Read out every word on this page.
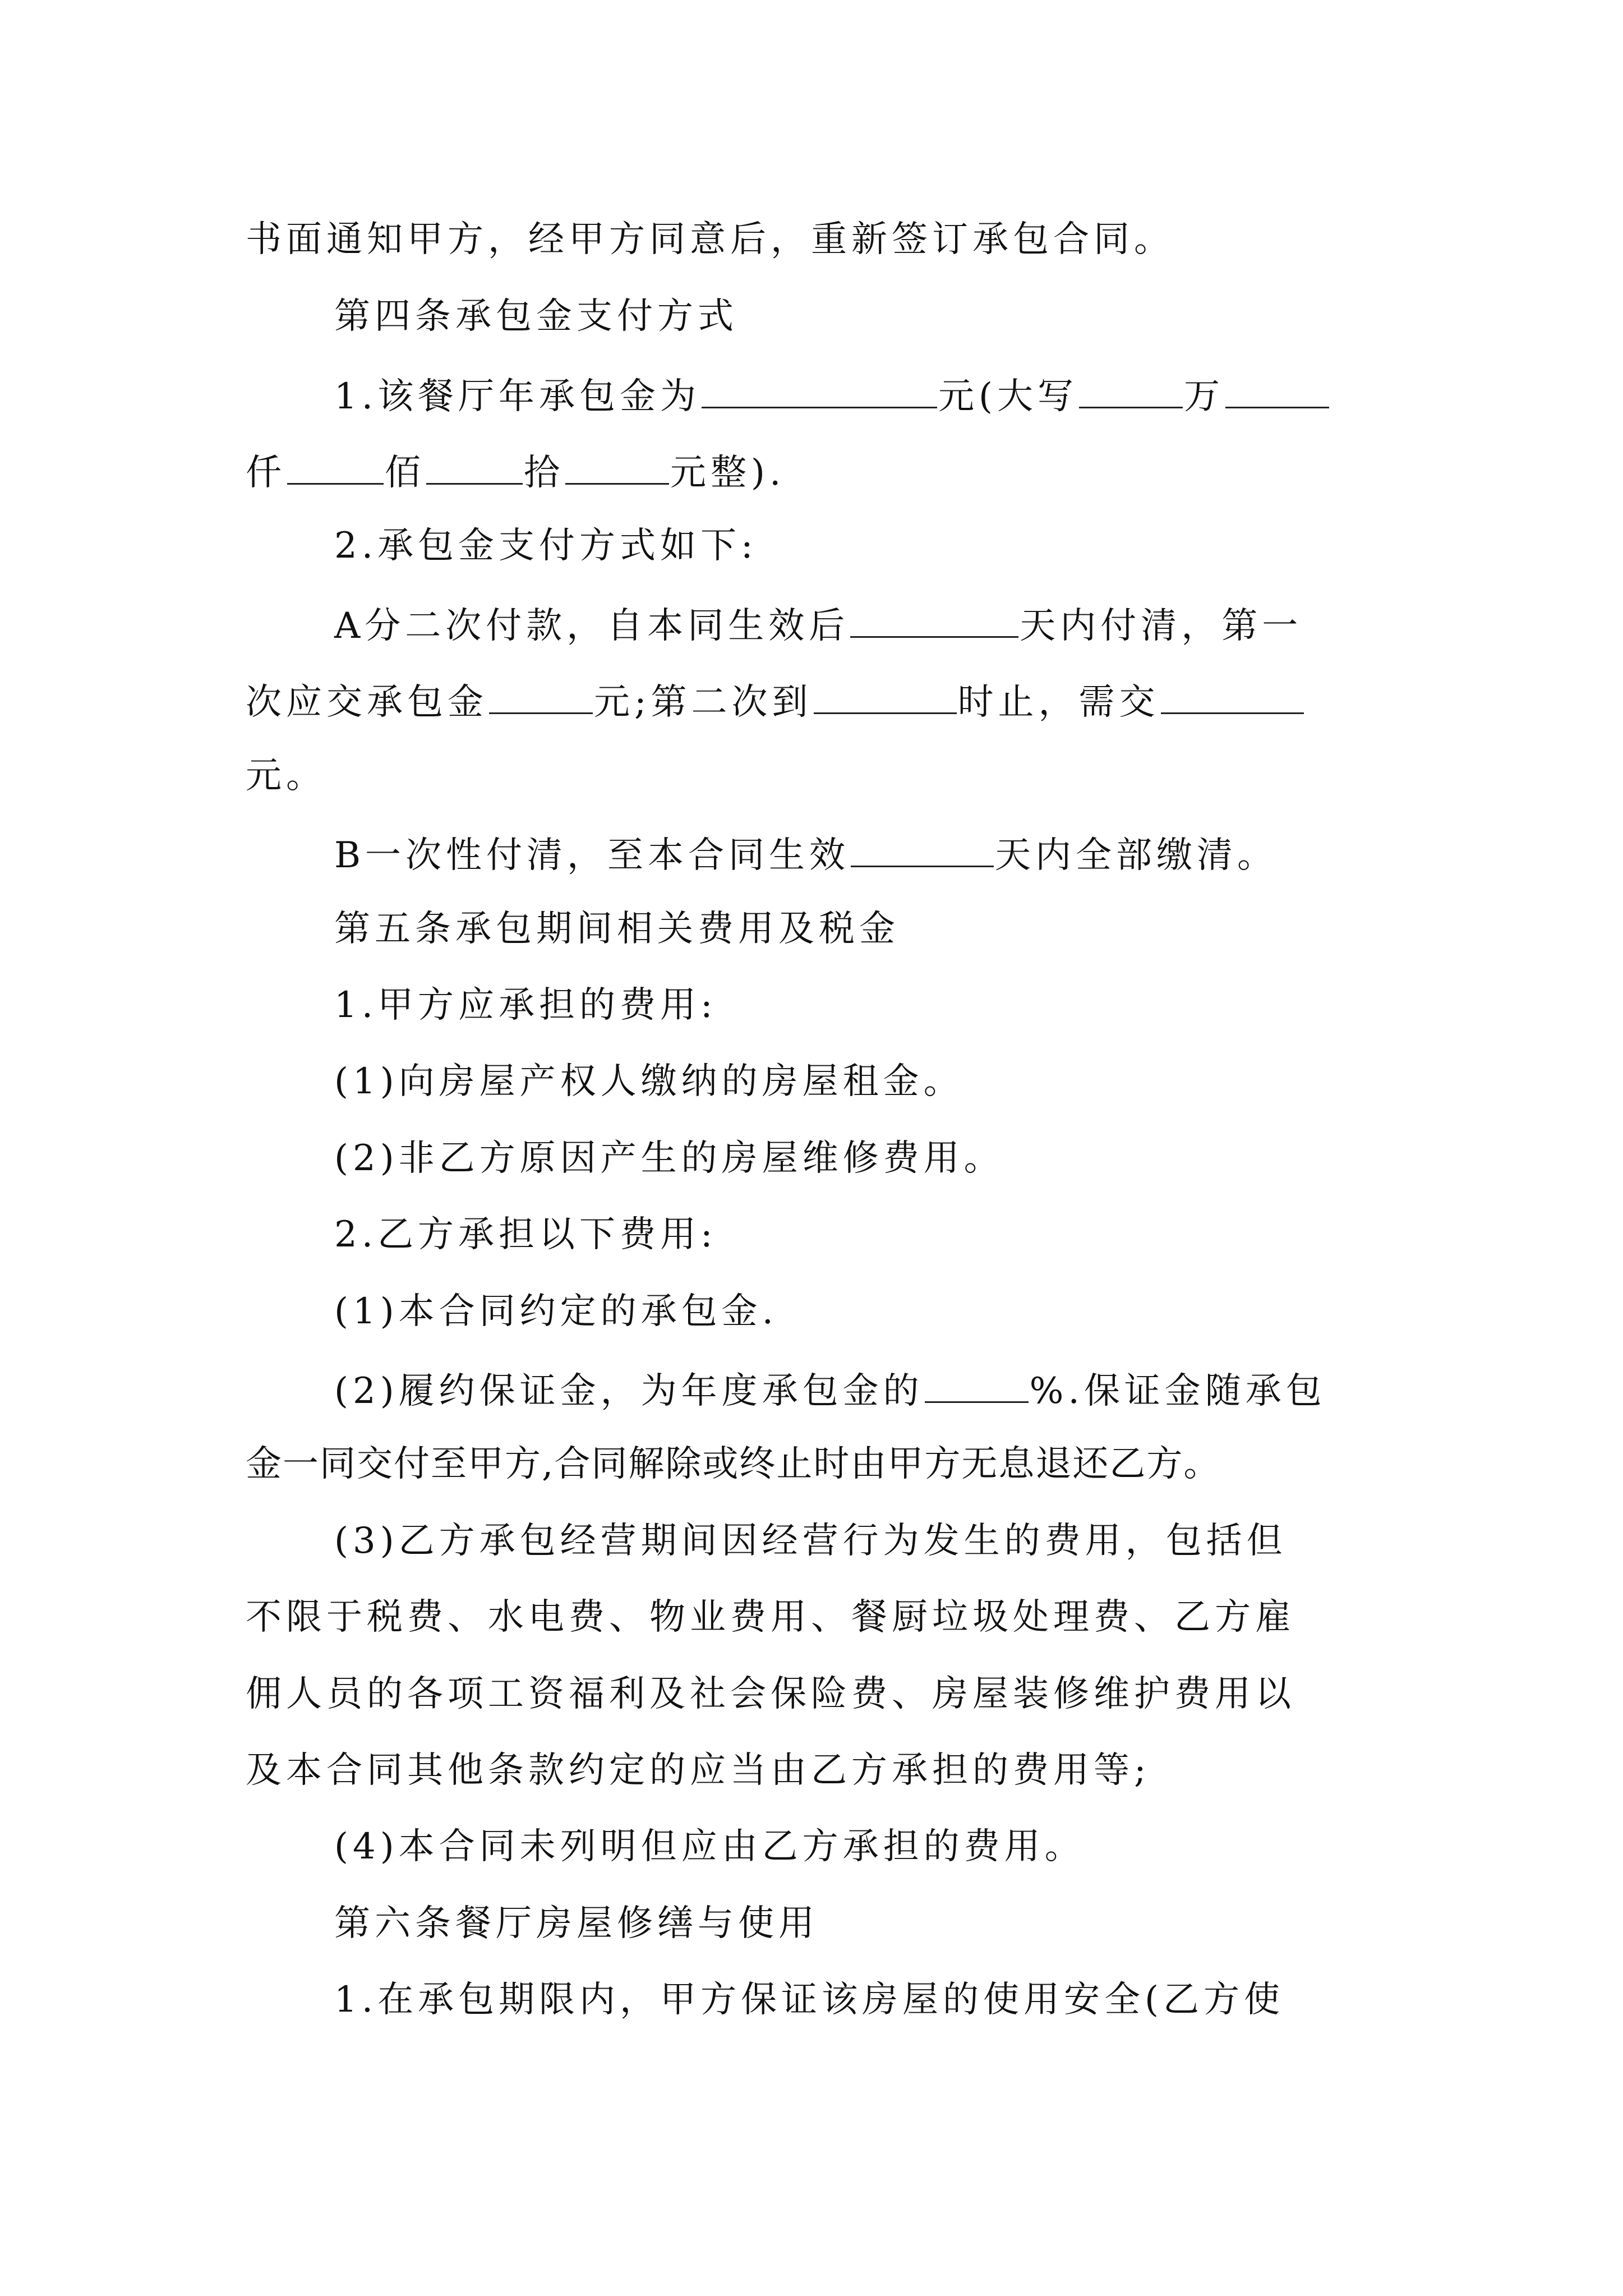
书面通知甲方，经甲方同意后，重新签订承包合同。
第四条承包金支付方式
1.该餐厅年承包金为	元(大写	万
仟	佰	拾	元整).
2.承包金支付方式如下:
A分二次付款，自本同生效后	天内付清，第一
次应交承包金	元;第二次到	时止，需交
元。
B一次性付清，至本合同生效	天内全部缴清。
第五条承包期间相关费用及税金
1.甲方应承担的费用:
(1)向房屋产权人缴纳的房屋租金。
(2)非乙方原因产生的房屋维修费用。
2.乙方承担以下费用:
(1)本合同约定的承包金.
(2)履约保证金，为年度承包金的	%.保证金随承包
金一同交付至甲方,合同解除或终止时由甲方无息退还乙方。
(3)乙方承包经营期间因经营行为发生的费用，包括但
不限于税费、水电费、物业费用、餐厨垃圾处理费、乙方雇
佣人员的各项工资福利及社会保险费、房屋装修维护费用以
及本合同其他条款约定的应当由乙方承担的费用等;
(4)本合同未列明但应由乙方承担的费用。
第六条餐厅房屋修缮与使用
1.在承包期限内，甲方保证该房屋的使用安全(乙方使
